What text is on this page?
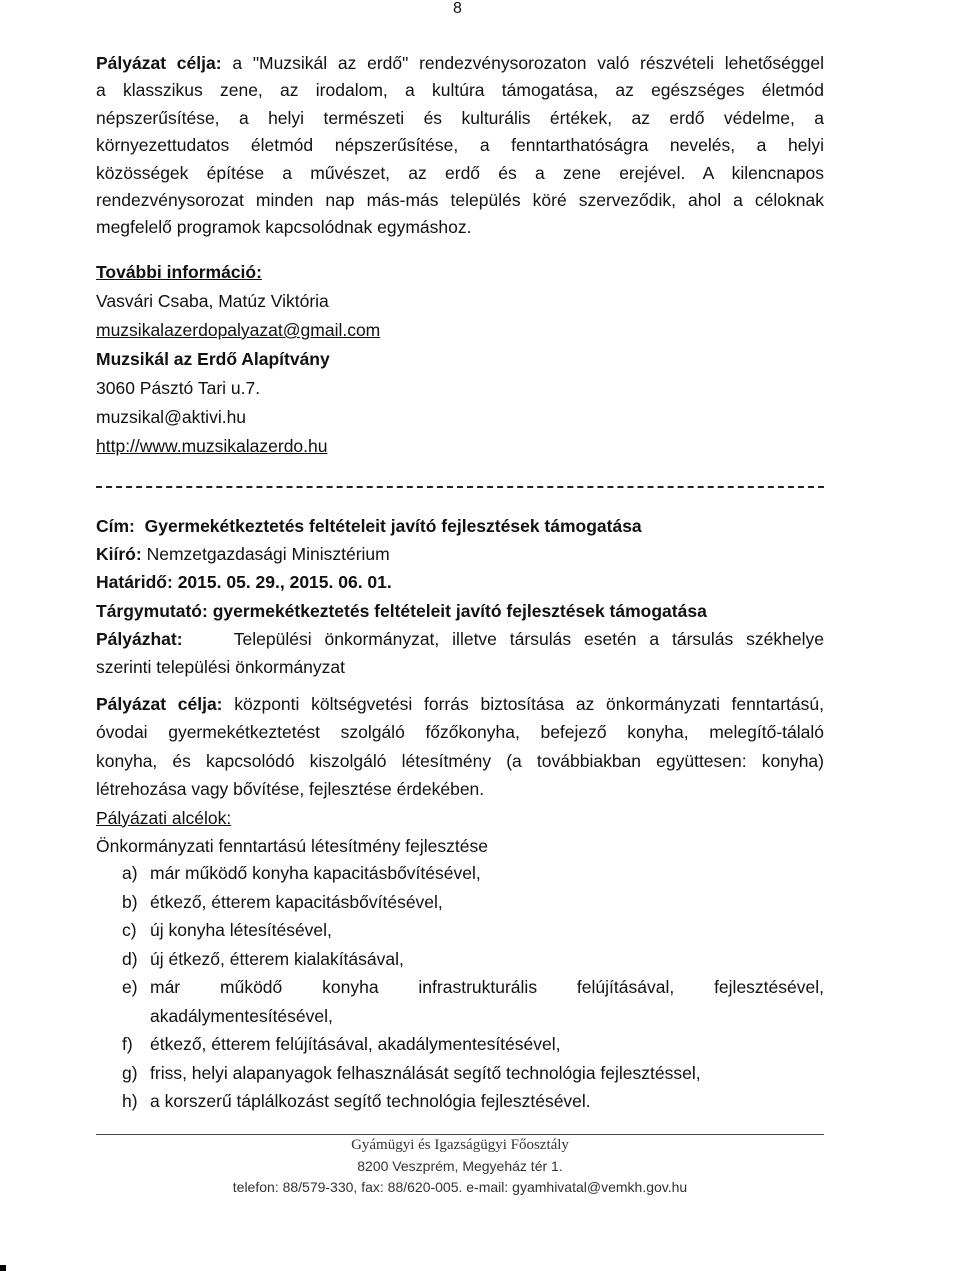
8
Pályázat célja: a "Muzsikál az erdő" rendezvénysorozaton való részvételi lehetőséggel
a klasszikus zene, az irodalom, a kultúra támogatása, az egészséges életmód
népszerűsítése, a helyi természeti és kulturális értékek, az erdő védelme, a
környezettudatos életmód népszerűsítése, a fenntarthatóságra nevelés, a helyi
közösségek építése a művészet, az erdő és a zene erejével. A kilencnapos
rendezvénysorozat minden nap más-más település köré szerveződik, ahol a céloknak
megfelelő programok kapcsolódnak egymáshoz.
További információ:
Vasvári Csaba, Matúz Viktória
muzsikalazerdopalyazat@gmail.com
Muzsikál az Erdő Alapítvány
3060 Pásztó Tari u.7.
muzsikal@aktivi.hu
http://www.muzsikalazerdo.hu
Cím: Gyermekétkeztetés feltételeit javító fejlesztések támogatása
Kiíró: Nemzetgazdasági Minisztérium
Határidő: 2015. 05. 29., 2015. 06. 01.
Tárgymutató: gyermekétkeztetés feltételeit javító fejlesztések támogatása
Pályázhat:	Települési önkormányzat, illetve társulás esetén a társulás székhelye
szerinti települési önkormányzat
Pályázat célja: központi költségvetési forrás biztosítása az önkormányzati fenntartású,
óvodai gyermekétkeztetést szolgáló főzőkonyha, befejező konyha, melegítő-tálaló
konyha, és kapcsolódó kiszolgáló létesítmény (a továbbiakban együttesen: konyha)
létrehozása vagy bővítése, fejlesztése érdekében.
Pályázati alcélok:
Önkormányzati fenntartású létesítmény fejlesztése
a) már működő konyha kapacitásbővítésével,
b) étkező, étterem kapacitásbővítésével,
c) új konyha létesítésével,
d) új étkező, étterem kialakításával,
e) már működő konyha infrastrukturális felújításával, fejlesztésével,
akadálymentesítésével,
f) étkező, étterem felújításával, akadálymentesítésével,
g) friss, helyi alapanyagok felhasználását segítő technológia fejlesztéssel,
h) a korszerű táplálkozást segítő technológia fejlesztésével.
Gyámügyi és Igazságügyi Főosztály
8200 Veszprém, Megyeház tér 1.
telefon: 88/579-330, fax: 88/620-005. e-mail: gyamhivatal@vemkh.gov.hu
